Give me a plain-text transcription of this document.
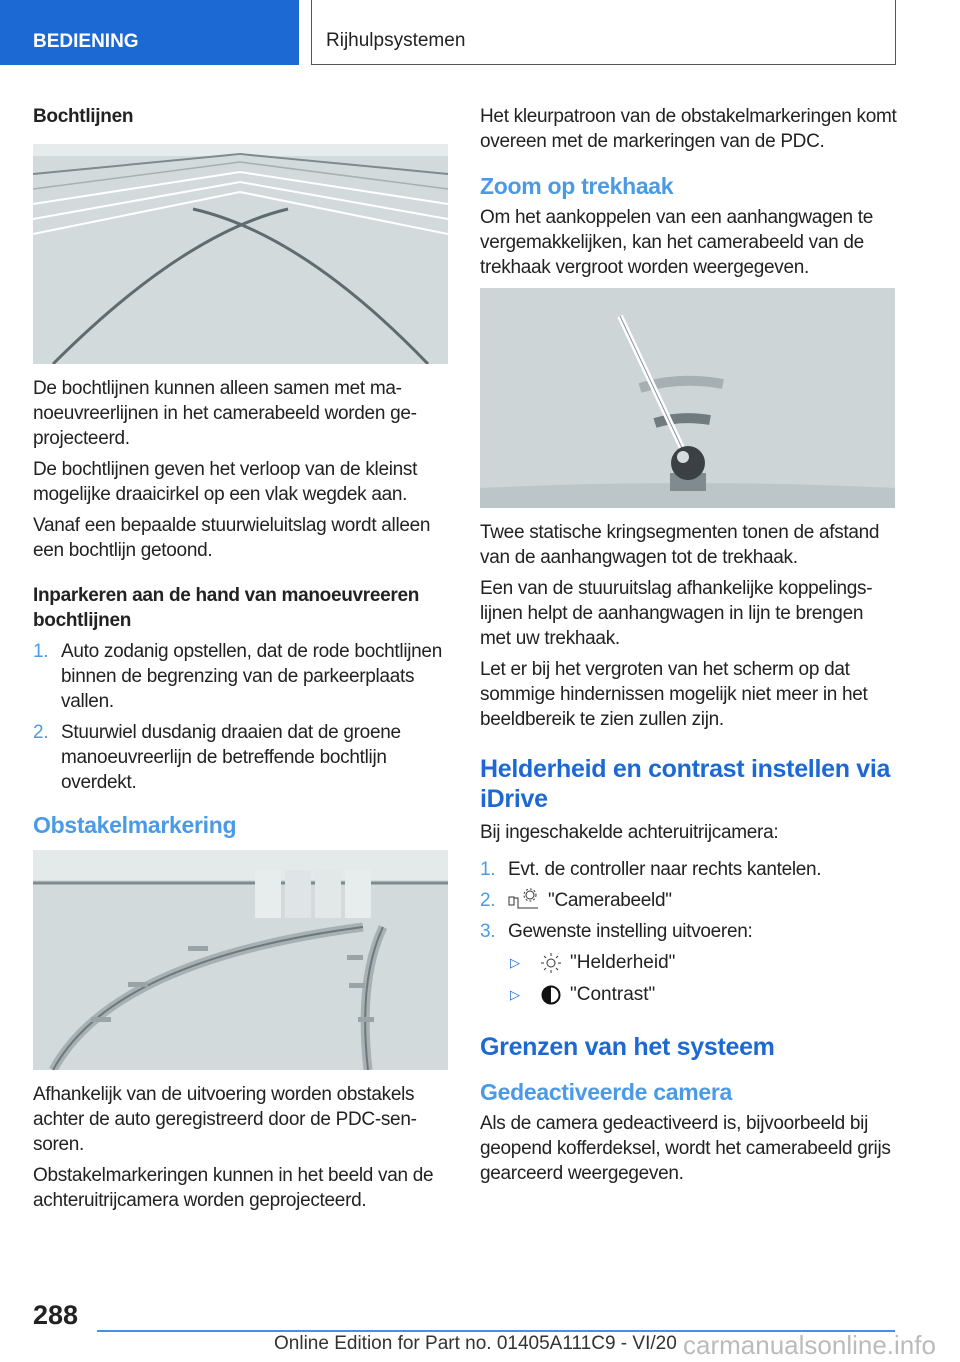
BEDIENING	Rijhulpsystemen

Bochtlijnen

De bochtlijnen kunnen alleen samen met manoeuvreerlijnen in het camerabeeld worden geprojecteerd.

De bochtlijnen geven het verloop van de kleinst mogelijke draaicirkel op een vlak wegdek aan.

Vanaf een bepaalde stuurwieluitslag wordt alleen een bochtlijn getoond.

Inparkeren aan de hand van manoeuvreeren bochtlijnen

1. Auto zodanig opstellen, dat de rode bochtlijnen binnen de begrenzing van de parkeerplaats vallen.
2. Stuurwiel dusdanig draaien dat de groene manoeuvreerlijn de betreffende bochtlijn overdekt.

Obstakelmarkering

Afhankelijk van de uitvoering worden obstakels achter de auto geregistreerd door de PDC-sensoren.

Obstakelmarkeringen kunnen in het beeld van de achteruitrijcamera worden geprojecteerd.

Het kleurpatroon van de obstakelmarkeringen komt overeen met de markeringen van de PDC.

Zoom op trekhaak

Om het aankoppelen van een aanhangwagen te vergemakkelijken, kan het camerabeeld van de trekhaak vergroot worden weergegeven.

Twee statische kringsegmenten tonen de afstand van de aanhangwagen tot de trekhaak.

Een van de stuuruitslag afhankelijke koppelingslijnen helpt de aanhangwagen in lijn te brengen met uw trekhaak.

Let er bij het vergroten van het scherm op dat sommige hindernissen mogelijk niet meer in het beeldbereik te zien zullen zijn.

Helderheid en contrast instellen via iDrive

Bij ingeschakelde achteruitrijcamera:

1. Evt. de controller naar rechts kantelen.
2.	"Camerabeeld"
3. Gewenste instelling uitvoeren:
▷	"Helderheid"
▷	"Contrast"

Grenzen van het systeem

Gedeactiveerde camera

Als de camera gedeactiveerd is, bijvoorbeeld bij geopend kofferdeksel, wordt het camerabeeld grijs gearceerd weergegeven.

288
Online Edition for Part no. 01405A111C9 - VI/20 carmanualsonline.info
